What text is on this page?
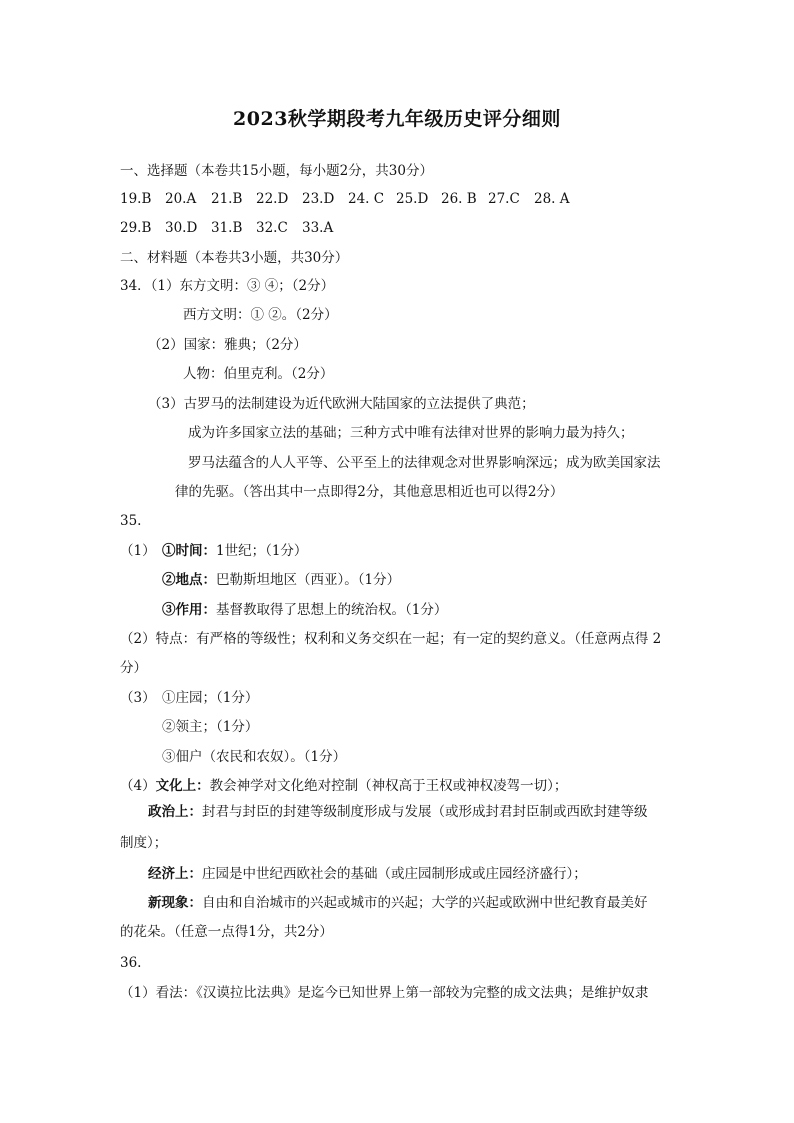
2023秋学期段考九年级历史评分细则
一、选择题（本卷共15小题，每小题2分，共30分）
19.B 20.A 21.B 22.D 23.D 24. C 25.D 26. B 27.C 28. A
29.B 30.D 31.B 32.C 33.A
二、材料题（本卷共3小题，共30分）
34．（1）东方文明：③ ④；（2分）
西方文明：① ②。（2分）
（2）国家：雅典；（2分）
人物：伯里克利。（2分）
（3）古罗马的法制建设为近代欧洲大陆国家的立法提供了典范；
成为许多国家立法的基础；三种方式中唯有法律对世界的影响力最为持久；
罗马法蕴含的人人平等、公平至上的法律观念对世界影响深远；成为欧美国家法
律的先驱。（答出其中一点即得2分，其他意思相近也可以得2分）
35.
（1） ①时间：1世纪；（1分）
②地点：巴勒斯坦地区（西亚）。（1分）
③作用：基督教取得了思想上的统治权。（1分）
（2）特点：有严格的等级性；权利和义务交织在一起；有一定的契约意义。（任意两点得 2
分）
（3） ①庄园；（1分）
②领主；（1分）
③佃户（农民和农奴）。（1分）
（4）文化上：教会神学对文化绝对控制（神权高于王权或神权凌驾一切）；
政治上：封君与封臣的封建等级制度形成与发展（或形成封君封臣制或西欧封建等级
制度）；
经济上：庄园是中世纪西欧社会的基础（或庄园制形成或庄园经济盛行）；
新现象：自由和自治城市的兴起或城市的兴起；大学的兴起或欧洲中世纪教育最美好
的花朵。（任意一点得1分，共2分）
36.
（1）看法：《汉谟拉比法典》是迄今已知世界上第一部较为完整的成文法典；是维护奴隶
